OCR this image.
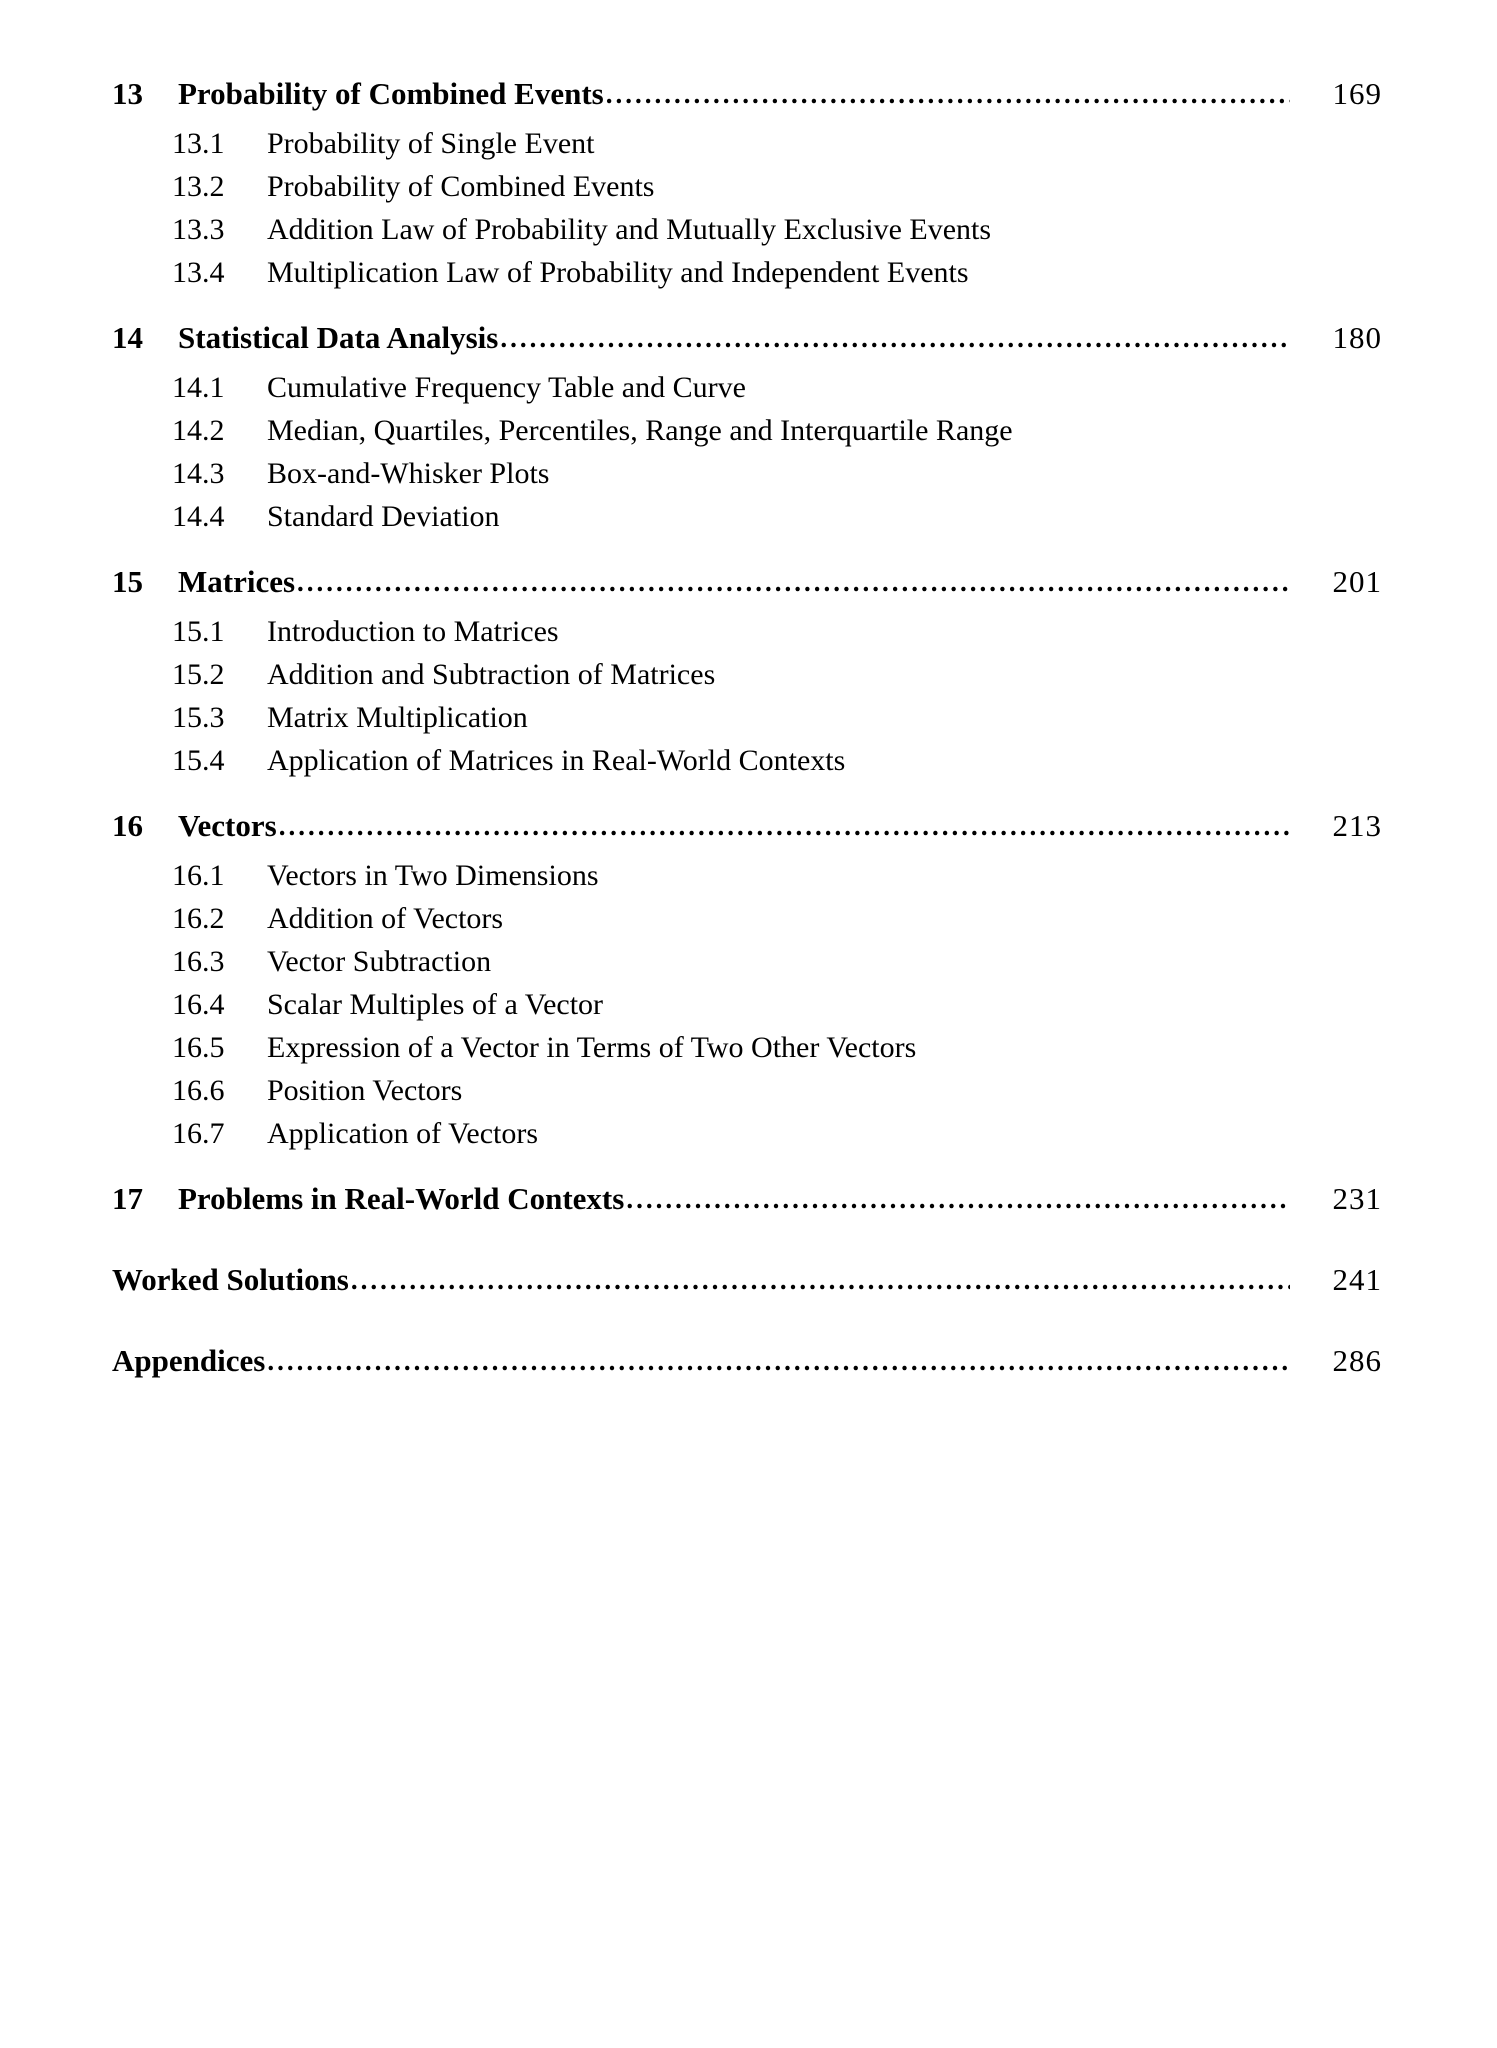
13	Probability of Combined Events .....	169
13.1	Probability of Single Event
13.2	Probability of Combined Events
13.3	Addition Law of Probability and Mutually Exclusive Events
13.4	Multiplication Law of Probability and Independent Events
14	Statistical Data Analysis .....	180
14.1	Cumulative Frequency Table and Curve
14.2	Median, Quartiles, Percentiles, Range and Interquartile Range
14.3	Box-and-Whisker Plots
14.4	Standard Deviation
15	Matrices .....	201
15.1	Introduction to Matrices
15.2	Addition and Subtraction of Matrices
15.3	Matrix Multiplication
15.4	Application of Matrices in Real-World Contexts
16	Vectors .....	213
16.1	Vectors in Two Dimensions
16.2	Addition of Vectors
16.3	Vector Subtraction
16.4	Scalar Multiples of a Vector
16.5	Expression of a Vector in Terms of Two Other Vectors
16.6	Position Vectors
16.7	Application of Vectors
17	Problems in Real-World Contexts .....	231
Worked Solutions .....	241
Appendices .....	286
